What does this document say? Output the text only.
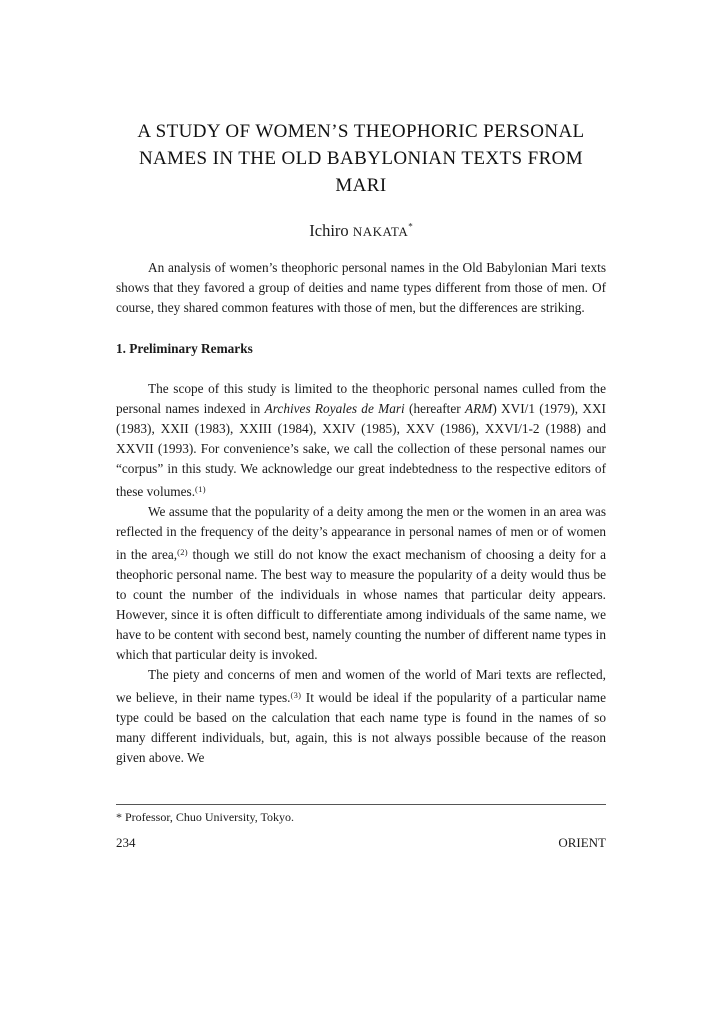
A STUDY OF WOMEN’S THEOPHORIC PERSONAL
NAMES IN THE OLD BABYLONIAN TEXTS FROM MARI
Ichiro NAKATA*

An analysis of women’s theophoric personal names in the Old Babylonian Mari texts shows that they favored a group of deities and name types different from those of men. Of course, they shared common features with those of men, but the differences are striking.

1. Preliminary Remarks

The scope of this study is limited to the theophoric personal names culled from the personal names indexed in Archives Royales de Mari (hereafter ARM) XVI/1 (1979), XXI (1983), XXII (1983), XXIII (1984), XXIV (1985), XXV (1986), XXVI/1-2 (1988) and XXVII (1993). For convenience’s sake, we call the collection of these personal names our “corpus” in this study. We acknowledge our great indebtedness to the respective editors of these volumes.$^{(1)}$

We assume that the popularity of a deity among the men or the women in an area was reflected in the frequency of the deity’s appearance in personal names of men or of women in the area,$^{(2)}$ though we still do not know the exact mechanism of choosing a deity for a theophoric personal name. The best way to measure the popularity of a deity would thus be to count the number of the individuals in whose names that particular deity appears. However, since it is often difficult to differentiate among individuals of the same name, we have to be content with second best, namely counting the number of different name types in which that particular deity is invoked.

The piety and concerns of men and women of the world of Mari texts are reflected, we believe, in their name types.$^{(3)}$ It would be ideal if the popularity of a particular name type could be based on the calculation that each name type is found in the names of so many different individuals, but, again, this is not always possible because of the reason given above. We

* Professor, Chuo University, Tokyo.
234	ORIENT
